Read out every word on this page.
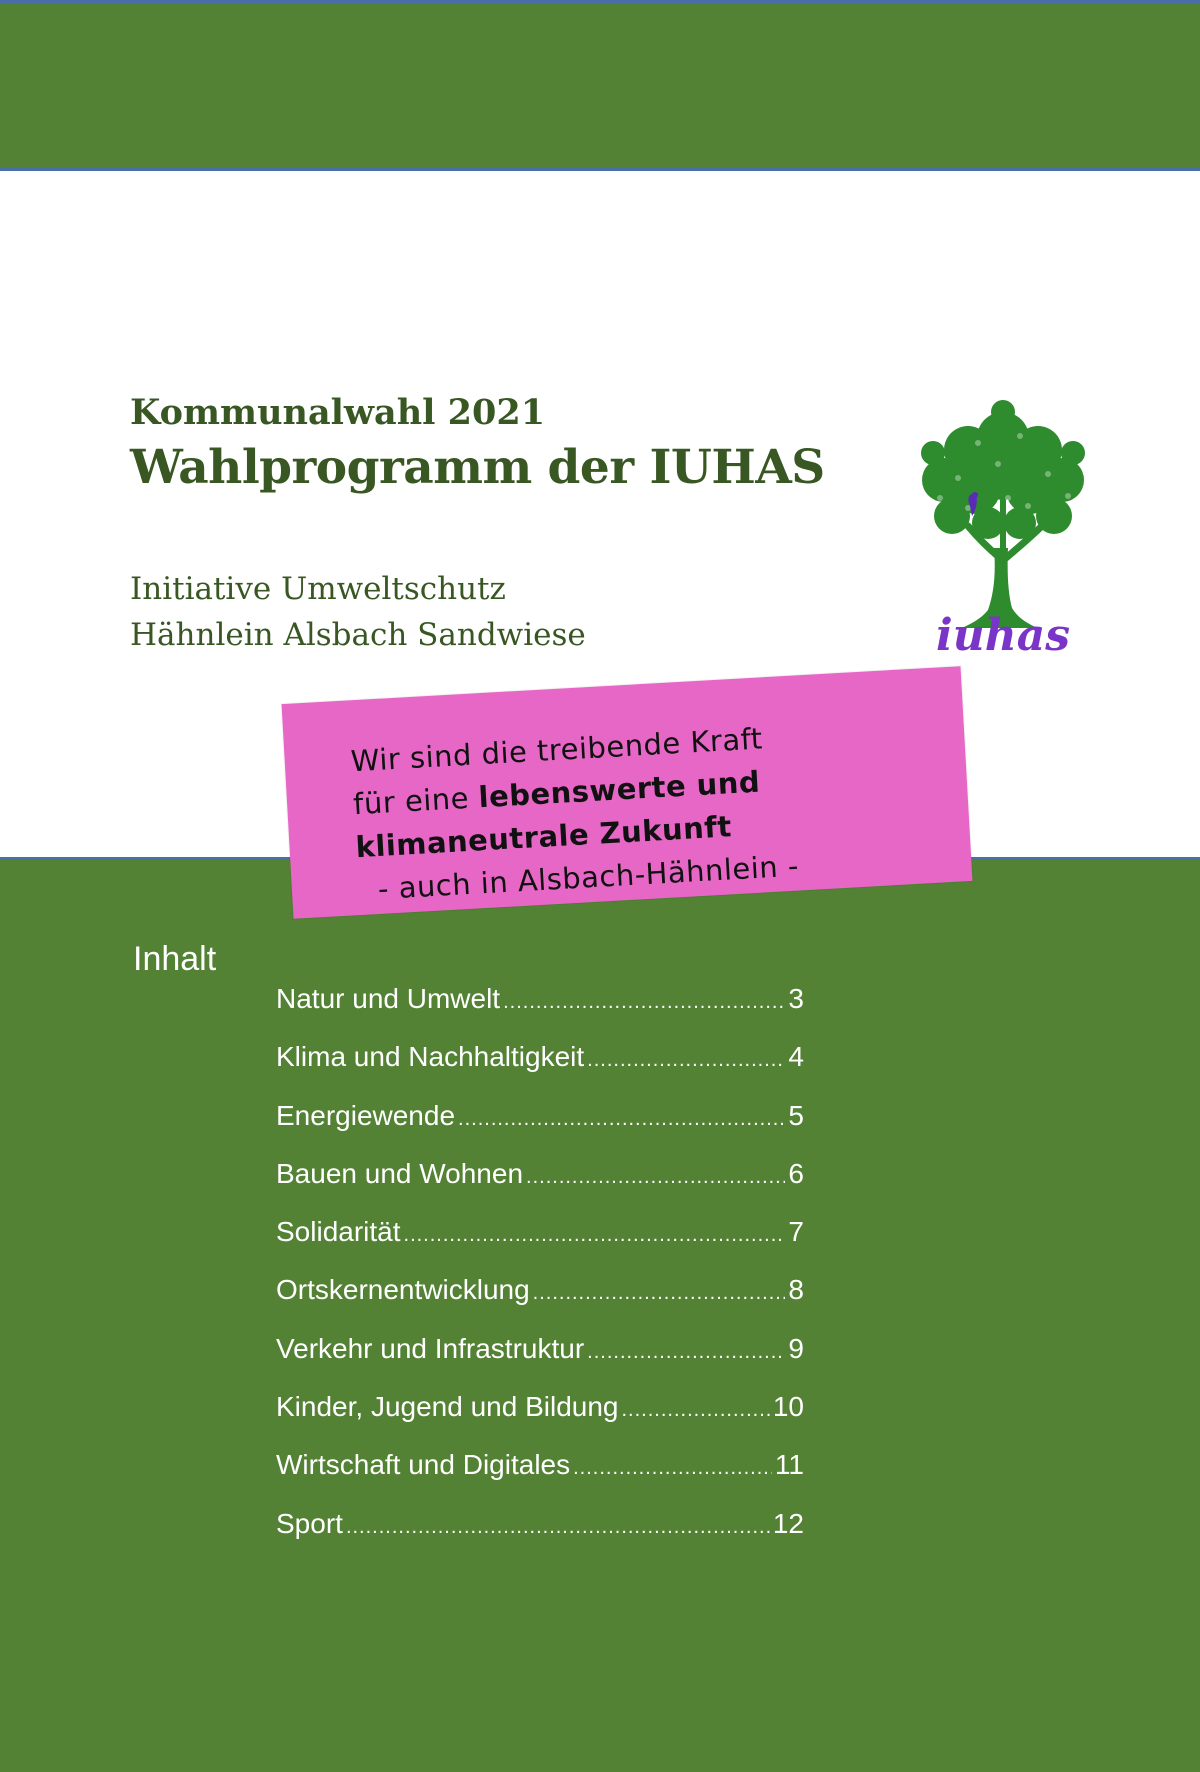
Kommunalwahl 2021
Wahlprogramm der IUHAS

Initiative Umweltschutz
Hähnlein Alsbach Sandwiese	iuhas
Wir sind die treibende Kraft
für eine lebenswerte und
klimaneutrale Zukunft
- auch in Alsbach-Hähnlein -
Inhalt
Natur und Umwelt .....	3
Klima und Nachhaltigkeit .....	4
Energiewende .....	5
Bauen und Wohnen .....	6
Solidarität .....	7
Ortskernentwicklung .....	8
Verkehr und Infrastruktur .....	9
Kinder, Jugend und Bildung .....	10
Wirtschaft und Digitales .....	11
Sport .....	12
